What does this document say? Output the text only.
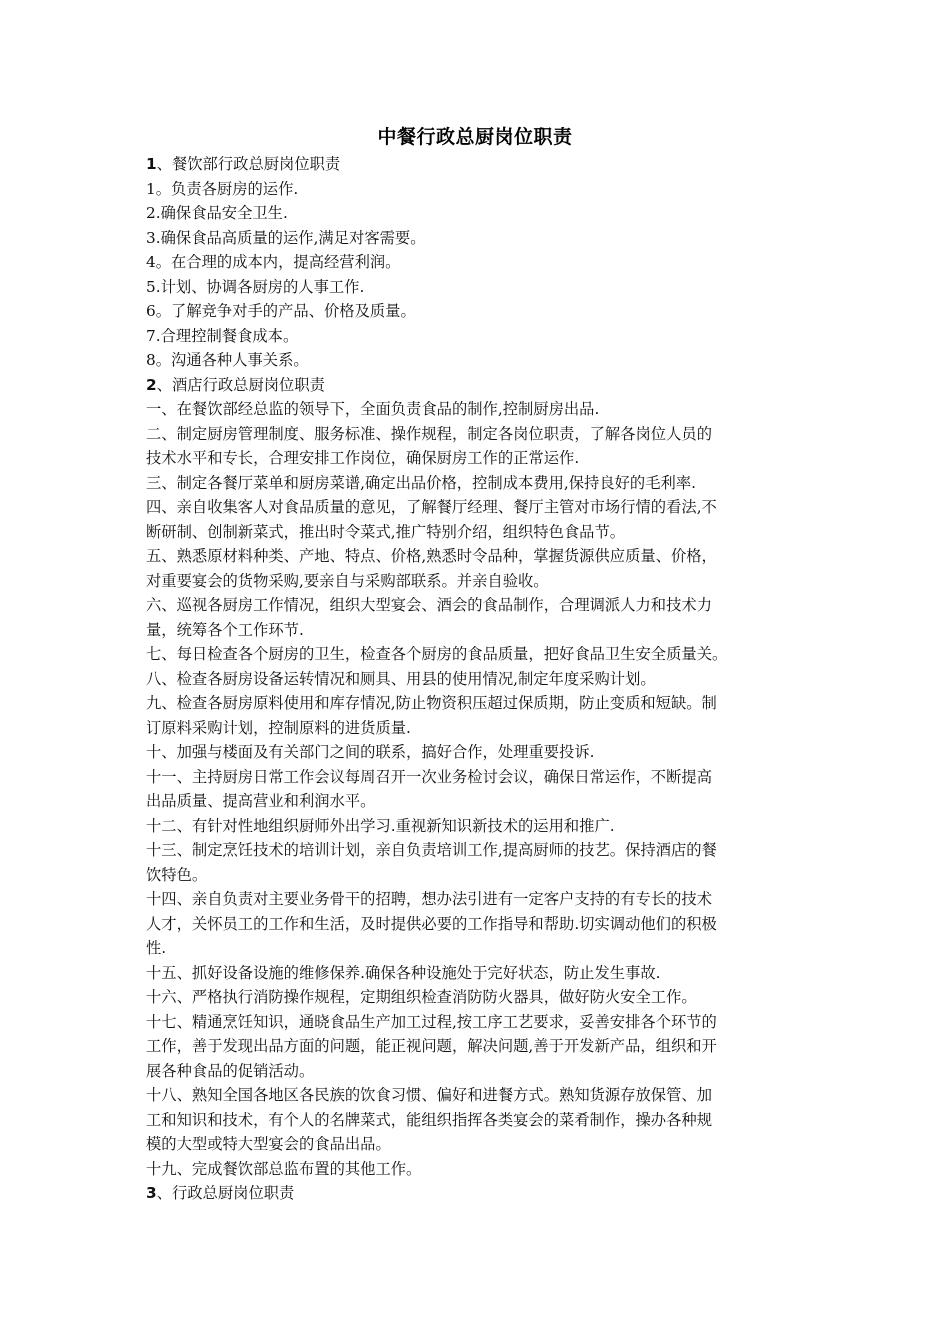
中餐行政总厨岗位职责
1、餐饮部行政总厨岗位职责
1。负责各厨房的运作.
2.确保食品安全卫生.
3.确保食品高质量的运作,满足对客需要。
4。在合理的成本内，提高经营利润。
5.计划、协调各厨房的人事工作.
6。了解竞争对手的产品、价格及质量。
7.合理控制餐食成本。
8。沟通各种人事关系。
2、酒店行政总厨岗位职责
一、在餐饮部经总监的领导下，全面负责食品的制作,控制厨房出品.
二、制定厨房管理制度、服务标准、操作规程，制定各岗位职责，了解各岗位人员的
技术水平和专长，合理安排工作岗位，确保厨房工作的正常运作.
三、制定各餐厅菜单和厨房菜谱,确定出品价格，控制成本费用,保持良好的毛利率.
四、亲自收集客人对食品质量的意见，了解餐厅经理、餐厅主管对市场行情的看法,不
断研制、创制新菜式，推出时令菜式,推广特别介绍，组织特色食品节。
五、熟悉原材料种类、产地、特点、价格,熟悉时令品种，掌握货源供应质量、价格，
对重要宴会的货物采购,要亲自与采购部联系。并亲自验收。
六、巡视各厨房工作情况，组织大型宴会、酒会的食品制作，合理调派人力和技术力
量，统筹各个工作环节.
七、每日检查各个厨房的卫生，检查各个厨房的食品质量，把好食品卫生安全质量关。
八、检查各厨房设备运转情况和厕具、用县的使用情况,制定年度采购计划。
九、检查各厨房原料使用和库存情况,防止物资积压超过保质期，防止变质和短缺。制
订原料采购计划，控制原料的进货质量.
十、加强与楼面及有关部门之间的联系，搞好合作，处理重要投诉.
十一、主持厨房日常工作会议每周召开一次业务检讨会议，确保日常运作，不断提高
出品质量、提高营业和利润水平。
十二、有针对性地组织厨师外出学习.重视新知识新技术的运用和推广.
十三、制定烹饪技术的培训计划，亲自负责培训工作,提高厨师的技艺。保持酒店的餐
饮特色。
十四、亲自负责对主要业务骨干的招聘，想办法引进有一定客户支持的有专长的技术
人才，关怀员工的工作和生活，及时提供必要的工作指导和帮助.切实调动他们的积极
性.
十五、抓好设备设施的维修保养.确保各种设施处于完好状态，防止发生事故.
十六、严格执行消防操作规程，定期组织检查消防防火器具，做好防火安全工作。
十七、精通烹饪知识，通晓食品生产加工过程,按工序工艺要求，妥善安排各个环节的
工作，善于发现出品方面的问题，能正视问题，解决问题,善于开发新产品，组织和开
展各种食品的促销活动。
十八、熟知全国各地区各民族的饮食习惯、偏好和进餐方式。熟知货源存放保管、加
工和知识和技术，有个人的名牌菜式，能组织指挥各类宴会的菜肴制作，操办各种规
模的大型或特大型宴会的食品出品。
十九、完成餐饮部总监布置的其他工作。
3、行政总厨岗位职责
